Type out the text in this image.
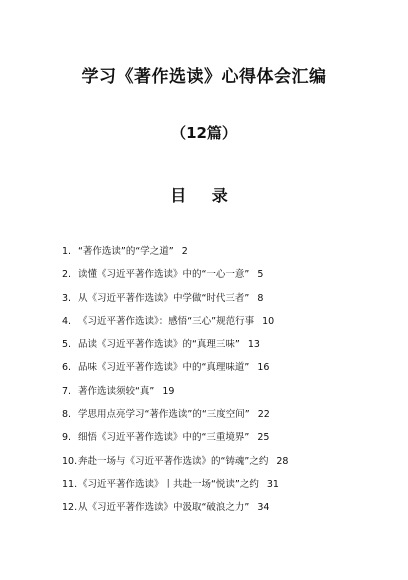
学习《著作选读》心得体会汇编
（12篇）
目 录
1. “著作选读”的“学之道” 2
2. 读懂《习近平著作选读》中的“一心一意” 5
3. 从《习近平著作选读》中学做“时代三者” 8
4. 《习近平著作选读》：感悟“三心”规范行事 10
5. 品读《习近平著作选读》的“真理三味” 13
6. 品味《习近平著作选读》中的“真理味道” 16
7. 著作选读须较“真” 19
8. 学思用点亮学习“著作选读”的“三度空间” 22
9. 细悟《习近平著作选读》中的“三重境界” 25
10.奔赴一场与《习近平著作选读》的“铸魂”之约 28
11.《习近平著作选读》丨共赴一场“悦读”之约 31
12.从《习近平著作选读》中汲取“破浪之力” 34
